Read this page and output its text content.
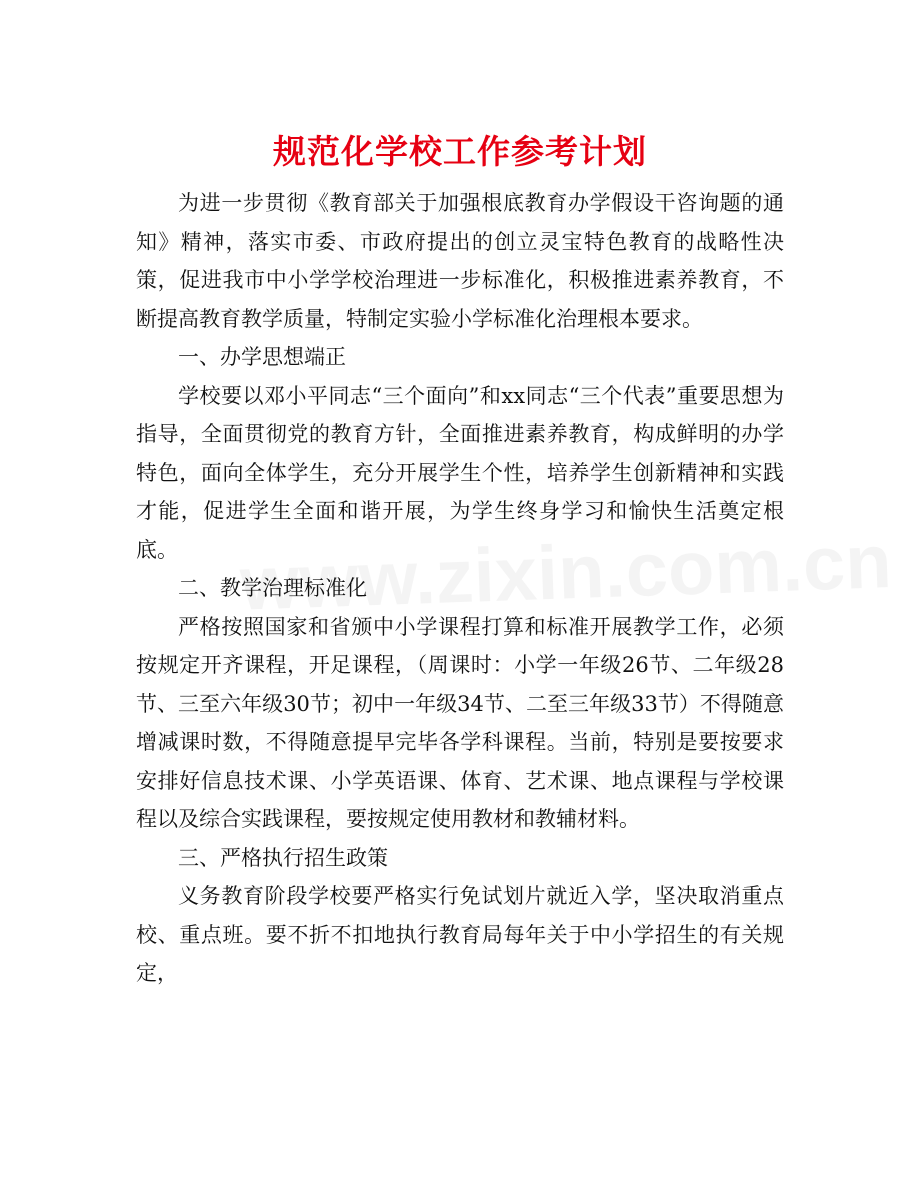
规范化学校工作参考计划

为进一步贯彻《教育部关于加强根底教育办学假设干咨询题的通知》精神，落实市委、市政府提出的创立灵宝特色教育的战略性决策，促进我市中小学学校治理进一步标准化，积极推进素养教育，不断提高教育教学质量，特制定实验小学标准化治理根本要求。

一、办学思想端正

学校要以邓小平同志“三个面向”和xx同志“三个代表”重要思想为指导，全面贯彻党的教育方针，全面推进素养教育，构成鲜明的办学特色，面向全体学生，充分开展学生个性，培养学生创新精神和实践才能，促进学生全面和谐开展，为学生终身学习和愉快生活奠定根底。

二、教学治理标准化

严格按照国家和省颁中小学课程打算和标准开展教学工作，必须按规定开齐课程，开足课程，（周课时：小学一年级26节、二年级28节、三至六年级30节；初中一年级34节、二至三年级33节）不得随意增减课时数，不得随意提早完毕各学科课程。当前，特别是要按要求安排好信息技术课、小学英语课、体育、艺术课、地点课程与学校课程以及综合实践课程，要按规定使用教材和教辅材料。

三、严格执行招生政策

义务教育阶段学校要严格实行免试划片就近入学，坚决取消重点校、重点班。要不折不扣地执行教育局每年关于中小学招生的有关规定，
